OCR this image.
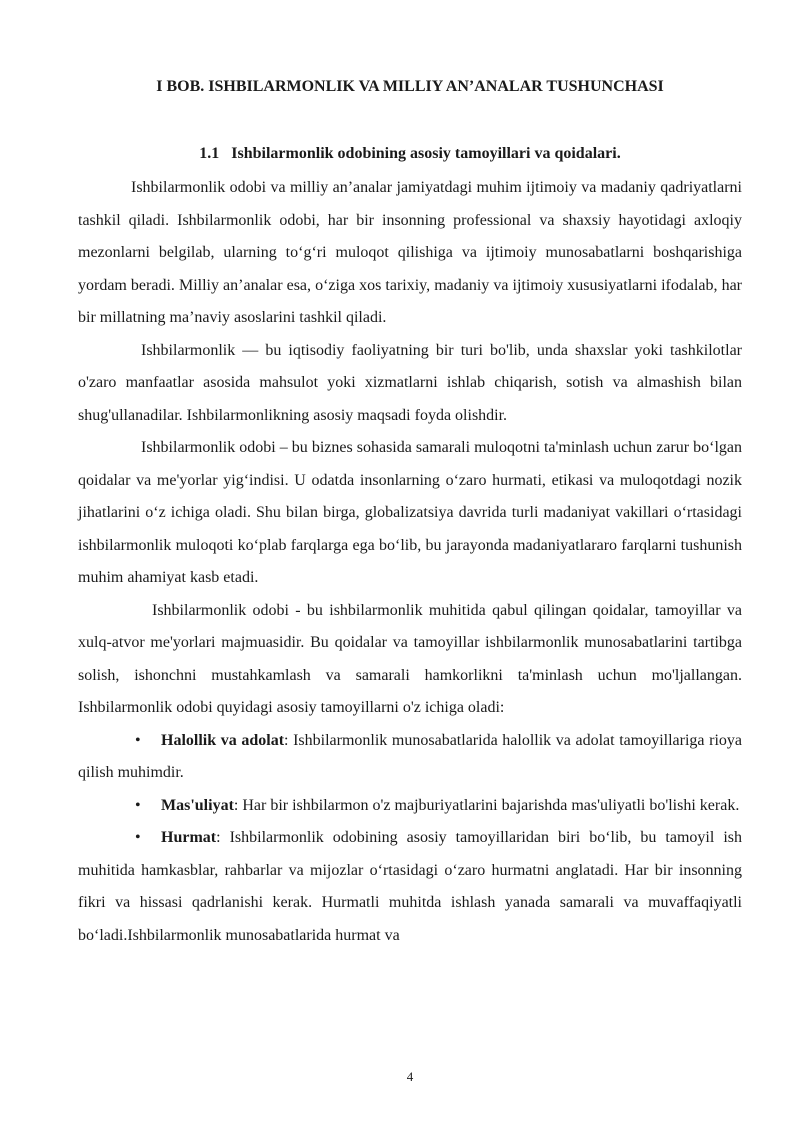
I BOB. ISHBILARMONLIK VA MILLIY AN’ANALAR TUSHUNCHASI
1.1 Ishbilarmonlik odobining asosiy tamoyillari va qoidalari.

Ishbilarmonlik odobi va milliy an’analar jamiyatdagi muhim ijtimoiy va madaniy qadriyatlarni tashkil qiladi. Ishbilarmonlik odobi, har bir insonning professional va shaxsiy hayotidagi axloqiy mezonlarni belgilab, ularning to‘g‘ri muloqot qilishiga va ijtimoiy munosabatlarni boshqarishiga yordam beradi. Milliy an’analar esa, o‘ziga xos tarixiy, madaniy va ijtimoiy xususiyatlarni ifodalab, har bir millatning ma’naviy asoslarini tashkil qiladi.

Ishbilarmonlik — bu iqtisodiy faoliyatning bir turi bo'lib, unda shaxslar yoki tashkilotlar o'zaro manfaatlar asosida mahsulot yoki xizmatlarni ishlab chiqarish, sotish va almashish bilan shug'ullanadilar. Ishbilarmonlikning asosiy maqsadi foyda olishdir.

Ishbilarmonlik odobi – bu biznes sohasida samarali muloqotni ta'minlash uchun zarur bo‘lgan qoidalar va me'yorlar yig‘indisi. U odatda insonlarning o‘zaro hurmati, etikasi va muloqotdagi nozik jihatlarini o‘z ichiga oladi. Shu bilan birga, globalizatsiya davrida turli madaniyat vakillari o‘rtasidagi ishbilarmonlik muloqoti ko‘plab farqlarga ega bo‘lib, bu jarayonda madaniyatlararo farqlarni tushunish muhim ahamiyat kasb etadi.

Ishbilarmonlik odobi - bu ishbilarmonlik muhitida qabul qilingan qoidalar, tamoyillar va xulq-atvor me'yorlari majmuasidir. Bu qoidalar va tamoyillar ishbilarmonlik munosabatlarini tartibga solish, ishonchni mustahkamlash va samarali hamkorlikni ta'minlash uchun mo'ljallangan. Ishbilarmonlik odobi quyidagi asosiy tamoyillarni o'z ichiga oladi:

• Halollik va adolat: Ishbilarmonlik munosabatlarida halollik va adolat tamoyillariga rioya qilish muhimdir.

• Mas'uliyat: Har bir ishbilarmon o'z majburiyatlarini bajarishda mas'uliyatli bo'lishi kerak.

• Hurmat: Ishbilarmonlik odobining asosiy tamoyillaridan biri bo‘lib, bu tamoyil ish muhitida hamkasblar, rahbarlar va mijozlar o‘rtasidagi o‘zaro hurmatni anglatadi. Har bir insonning fikri va hissasi qadrlanishi kerak. Hurmatli muhitda ishlash yanada samarali va muvaffaqiyatli bo‘ladi.Ishbilarmonlik munosabatlarida hurmat va

4
